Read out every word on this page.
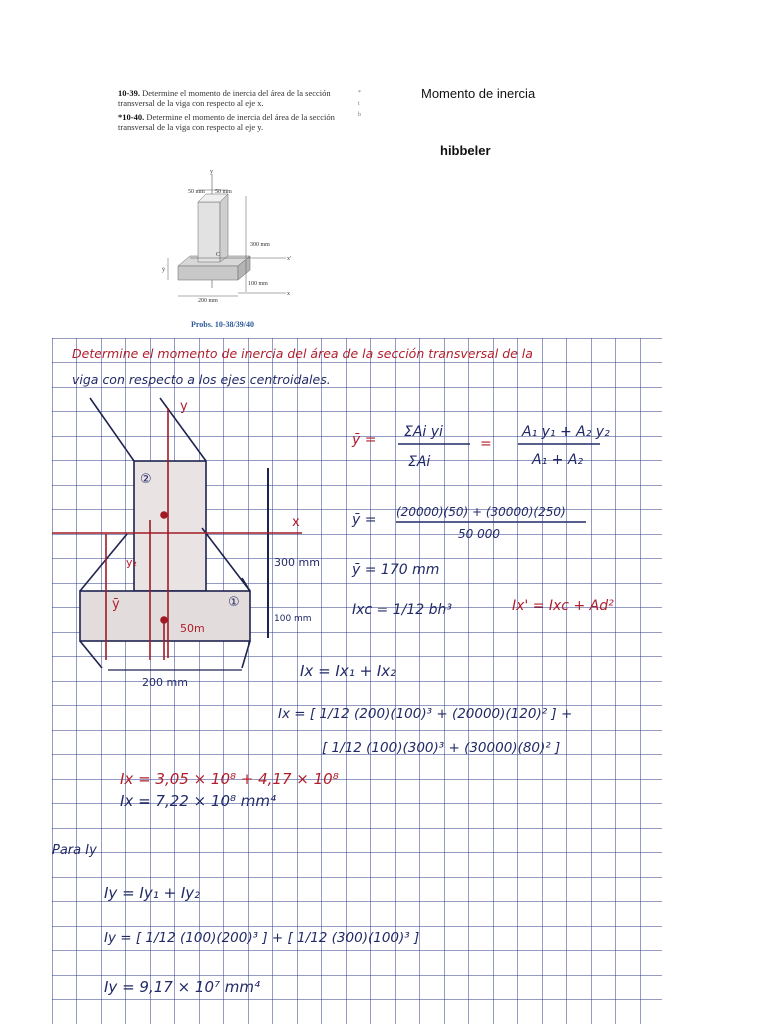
10-39. Determine el momento de inercia del área de la sección transversal de la viga con respecto al eje x.

*10-40. Determine el momento de inercia del área de la sección transversal de la viga con respecto al eje y.

*
t
b
Momento de inercia
hibbeler
y
x'
C
x
50 mm 50 mm
300 mm
100 mm
ȳ
200 mm
Probs. 10-38/39/40
Determine el momento de inercia del área de la sección transversal de la
viga con respecto a los ejes centroidales.
y
x
②
①
y₂
ȳ
50m
300 mm
100 mm
200 mm
ȳ = ΣAi yi
ΣAi
=
A₁ y₁ + A₂ y₂
A₁ + A₂
ȳ = (20000)(50) + (30000)(250)
50 000
ȳ = 170 mm
Ixc = 1/12 bh³	Ix' = Ixc + Ad²
Ix = Ix₁ + Ix₂
Ix = [ 1/12 (200)(100)³ + (20000)(120)² ] +
[ 1/12 (100)(300)³ + (30000)(80)² ]
Ix = 3,05 × 10⁸ + 4,17 × 10⁸
Ix = 7,22 × 10⁸ mm⁴
Para Iy
Iy = Iy₁ + Iy₂
Iy = [ 1/12 (100)(200)³ ] + [ 1/12 (300)(100)³ ]
Iy = 9,17 × 10⁷ mm⁴
